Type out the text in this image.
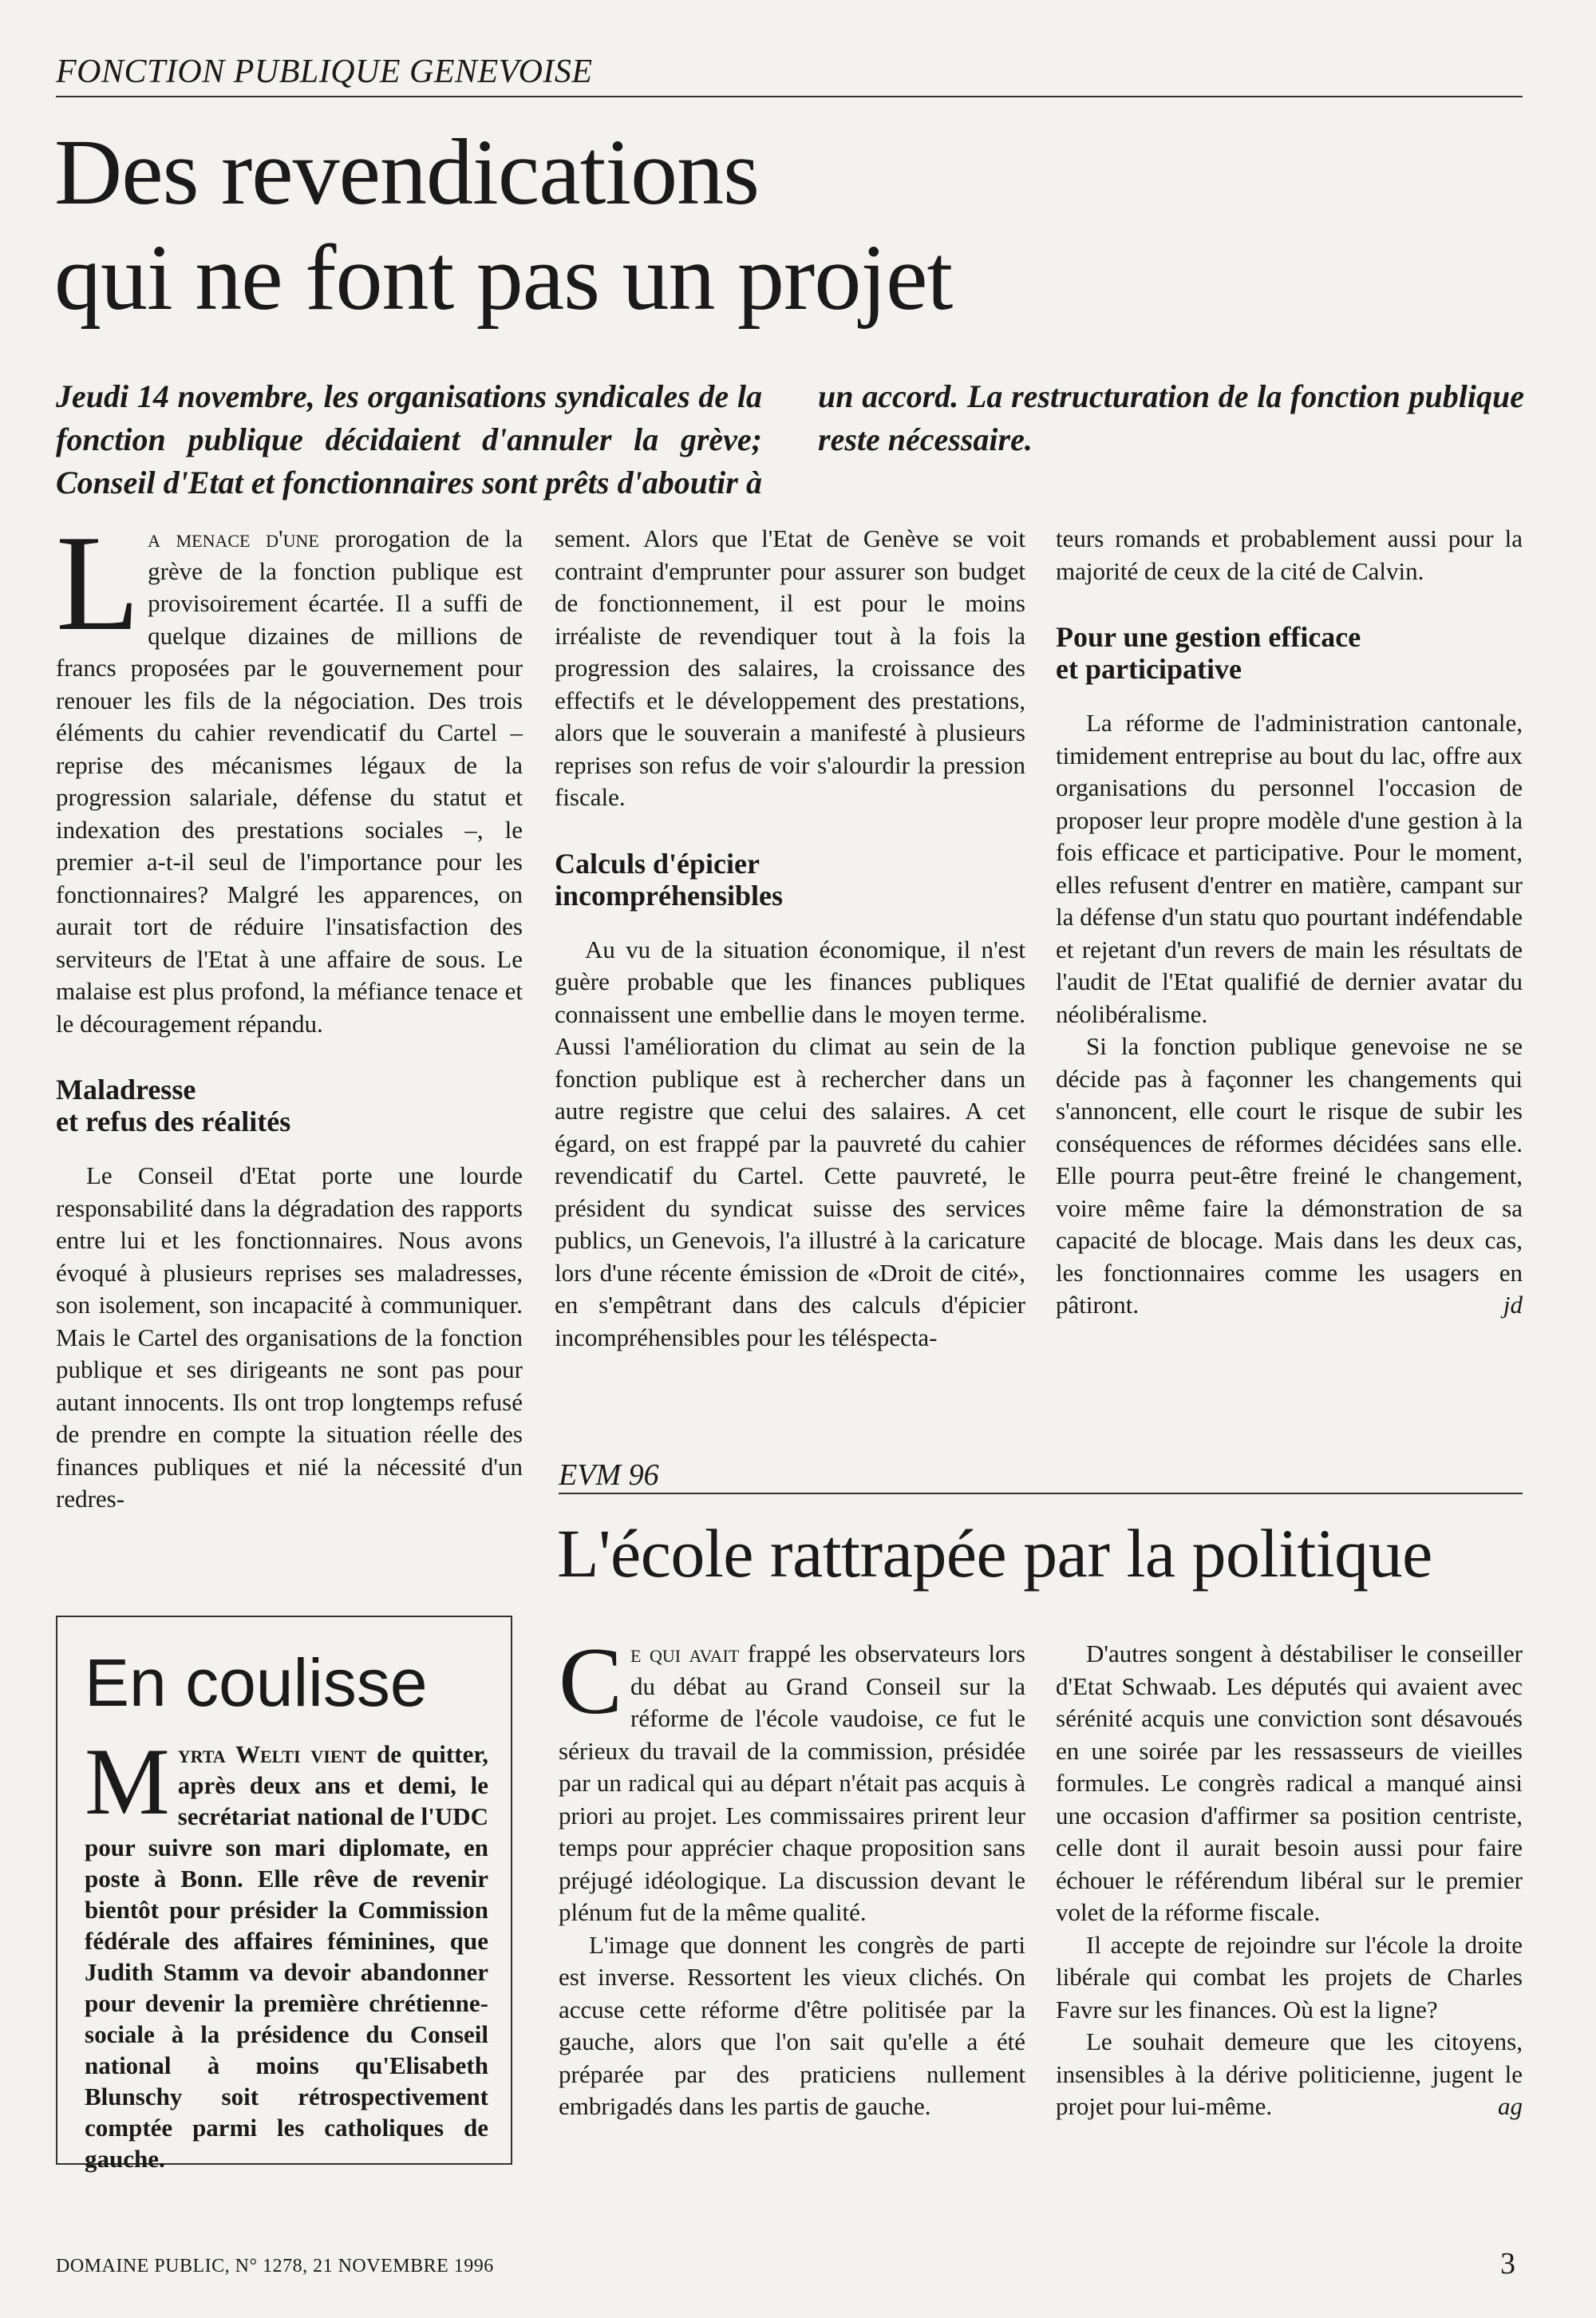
FONCTION PUBLIQUE GENEVOISE
Des revendications
qui ne font pas un projet
Jeudi 14 novembre, les organisations syndicales de la fonction publique décidaient d'annuler la grève; Conseil d'Etat et fonctionnaires sont prêts d'aboutir à un accord. La restructuration de la fonction publique reste nécessaire.

La menace d'une prorogation de la grève de la fonction publique est provisoirement écartée. Il a suffi de quelque dizaines de millions de francs proposées par le gouvernement pour renouer les fils de la négociation. Des trois éléments du cahier revendicatif du Cartel – reprise des mécanismes légaux de la progression salariale, défense du statut et indexation des prestations sociales –, le premier a-t-il seul de l'importance pour les fonctionnaires? Malgré les apparences, on aurait tort de réduire l'insatisfaction des serviteurs de l'Etat à une affaire de sous. Le malaise est plus profond, la méfiance tenace et le découragement répandu.

Maladresse
et refus des réalités

Le Conseil d'Etat porte une lourde responsabilité dans la dégradation des rapports entre lui et les fonctionnaires. Nous avons évoqué à plusieurs reprises ses maladresses, son isolement, son incapacité à communiquer. Mais le Cartel des organisations de la fonction publique et ses dirigeants ne sont pas pour autant innocents. Ils ont trop longtemps refusé de prendre en compte la situation réelle des finances publiques et nié la nécessité d'un redres-

sement. Alors que l'Etat de Genève se voit contraint d'emprunter pour assurer son budget de fonctionnement, il est pour le moins irréaliste de revendiquer tout à la fois la progression des salaires, la croissance des effectifs et le développement des prestations, alors que le souverain a manifesté à plusieurs reprises son refus de voir s'alourdir la pression fiscale.

Calculs d'épicier
incompréhensibles

Au vu de la situation économique, il n'est guère probable que les finances publiques connaissent une embellie dans le moyen terme. Aussi l'amélioration du climat au sein de la fonction publique est à rechercher dans un autre registre que celui des salaires. A cet égard, on est frappé par la pauvreté du cahier revendicatif du Cartel. Cette pauvreté, le président du syndicat suisse des services publics, un Genevois, l'a illustré à la caricature lors d'une récente émission de «Droit de cité», en s'empêtrant dans des calculs d'épicier incompréhensibles pour les téléspecta-

teurs romands et probablement aussi pour la majorité de ceux de la cité de Calvin.

Pour une gestion efficace
et participative

La réforme de l'administration cantonale, timidement entreprise au bout du lac, offre aux organisations du personnel l'occasion de proposer leur propre modèle d'une gestion à la fois efficace et participative. Pour le moment, elles refusent d'entrer en matière, campant sur la défense d'un statu quo pourtant indéfendable et rejetant d'un revers de main les résultats de l'audit de l'Etat qualifié de dernier avatar du néolibéralisme.

Si la fonction publique genevoise ne se décide pas à façonner les changements qui s'annoncent, elle court le risque de subir les conséquences de réformes décidées sans elle. Elle pourra peut-être freiné le changement, voire même faire la démonstration de sa capacité de blocage. Mais dans les deux cas, les fonctionnaires comme les usagers en pâtiront.	jd

En coulisse
Myrta Welti vient de quitter, après deux ans et demi, le secrétariat national de l'UDC pour suivre son mari diplomate, en poste à Bonn. Elle rêve de revenir bientôt pour présider la Commission fédérale des affaires féminines, que Judith Stamm va devoir abandonner pour devenir la première chrétienne-sociale à la présidence du Conseil national à moins qu'Elisabeth Blunschy soit rétrospectivement comptée parmi les catholiques de gauche.
EVM 96
L'école rattrapée par la politique

Ce qui avait frappé les observateurs lors du débat au Grand Conseil sur la réforme de l'école vaudoise, ce fut le sérieux du travail de la commission, présidée par un radical qui au départ n'était pas acquis à priori au projet. Les commissaires prirent leur temps pour apprécier chaque proposition sans préjugé idéologique. La discussion devant le plénum fut de la même qualité.

L'image que donnent les congrès de parti est inverse. Ressortent les vieux clichés. On accuse cette réforme d'être politisée par la gauche, alors que l'on sait qu'elle a été préparée par des praticiens nullement embrigadés dans les partis de gauche.

D'autres songent à déstabiliser le conseiller d'Etat Schwaab. Les députés qui avaient avec sérénité acquis une conviction sont désavoués en une soirée par les ressasseurs de vieilles formules. Le congrès radical a manqué ainsi une occasion d'affirmer sa position centriste, celle dont il aurait besoin aussi pour faire échouer le référendum libéral sur le premier volet de la réforme fiscale.

Il accepte de rejoindre sur l'école la droite libérale qui combat les projets de Charles Favre sur les finances. Où est la ligne?

Le souhait demeure que les citoyens, insensibles à la dérive politicienne, jugent le projet pour lui-même.	ag

DOMAINE PUBLIC, N° 1278, 21 NOVEMBRE 1996	3
